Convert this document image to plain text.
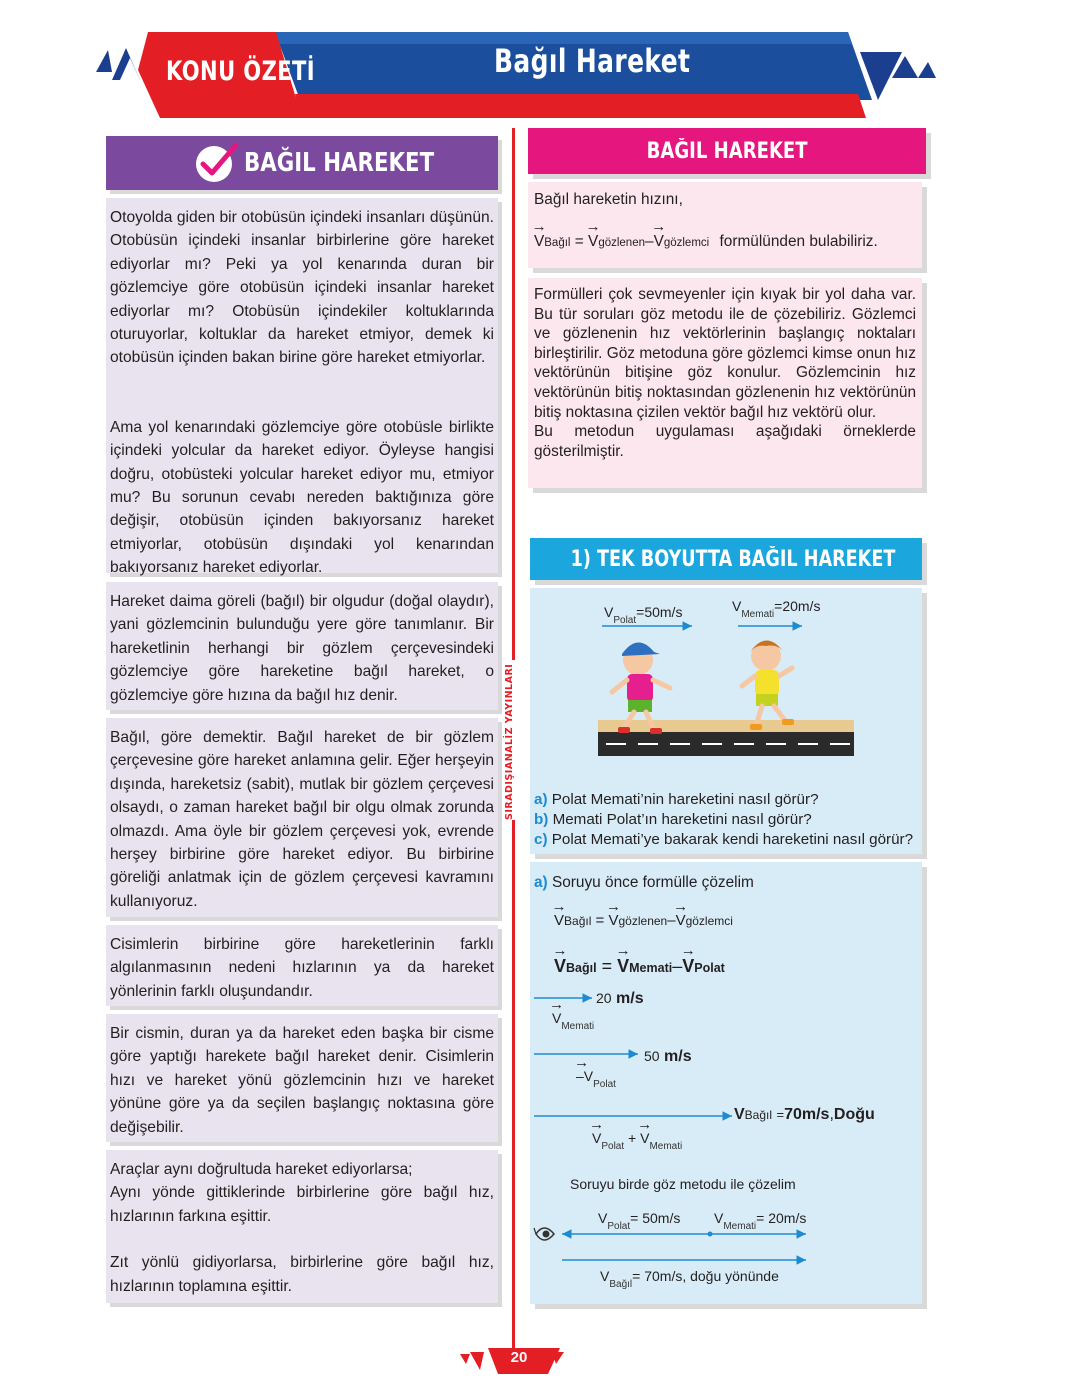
KONU ÖZETİ	Bağıl Hareket
BAĞIL HAREKET

Otoyolda giden bir otobüsün içindeki insanları düşünün. Otobüsün içindeki insanlar birbirlerine göre hareket ediyorlar mı? Peki ya yol kenarında duran bir gözlemciye göre otobüsün içindeki insanlar hareket ediyorlar mı? Otobüsün içindekiler koltuklarında oturuyorlar, koltuklar da hareket etmiyor, demek ki otobüsün içinden bakan birine göre hareket etmiyorlar.

Ama yol kenarındaki gözlemciye göre otobüsle birlikte içindeki yolcular da hareket ediyor. Öyleyse hangisi doğru, otobüsteki yolcular hareket ediyor mu, etmiyor mu? Bu sorunun cevabı nereden baktığınıza göre değişir, otobüsün içinden bakıyorsanız hareket etmiyorlar, otobüsün dışındaki yol kenarından bakıyorsanız hareket ediyorlar.

Hareket daima göreli (bağıl) bir olgudur (doğal olaydır), yani gözlemcinin bulunduğu yere göre tanımlanır. Bir hareketlinin herhangi bir gözlem çerçevesindeki gözlemciye göre hareketine bağıl hareket, o gözlemciye göre hızına da bağıl hız denir.

Bağıl, göre demektir. Bağıl hareket de bir gözlem çerçevesine göre hareket anlamına gelir. Eğer herşeyin dışında, hareketsiz (sabit), mutlak bir gözlem çerçevesi olsaydı, o zaman hareket bağıl bir olgu olmak zorunda olmazdı. Ama öyle bir gözlem çerçevesi yok, evrende herşey birbirine göre hareket ediyor. Bu birbirine göreliği anlatmak için de gözlem çerçevesi kavramını kullanıyoruz.

Cisimlerin birbirine göre hareketlerinin farklı algılanmasının nedeni hızlarının ya da hareket yönlerinin farklı oluşundandır.

Bir cismin, duran ya da hareket eden başka bir cisme göre yaptığı harekete bağıl hareket denir. Cisimlerin hızı ve hareket yönü gözlemcinin hızı ve hareket yönüne göre ya da seçilen başlangıç noktasına göre değişebilir.

Araçlar aynı doğrultuda hareket ediyorlarsa;

Aynı yönde gittiklerinde birbirlerine göre bağıl hız, hızlarının farkına eşittir.

Zıt yönlü gidiyorlarsa, birbirlerine göre bağıl hız, hızlarının toplamına eşittir.

SIRADIŞIANALİZ YAYINLARI
BAĞIL HAREKET
Bağıl hareketin hızını,
→ VBağıl = → Vgözlenen–→ Vgözlemci formülünden bulabiliriz.
Formülleri çok sevmeyenler için kıyak bir yol daha var. Bu tür soruları göz metodu ile de çözebiliriz. Gözlemci ve gözlenenin hız vektörlerinin başlangıç noktaları birleştirilir. Göz metoduna göre gözlemci kimse onun hız vektörünün bitişine göz konulur. Gözlemcinin hız vektörünün bitiş noktasından gözlenenin hız vektörünün bitiş noktasına çizilen vektör bağıl hız vektörü olur.
Bu metodun uygulaması aşağıdaki örneklerde gösterilmiştir.
1) TEK BOYUTTA BAĞIL HAREKET
$V_{Polat}=50m/s$	$V_{Memati}=20m/s$
a) Polat Memati’nin hareketini nasıl görür?
b) Memati Polat’ın hareketini nasıl görür?
c) Polat Memati’ye bakarak kendi hareketini nasıl görür?
a) Soruyu önce formülle çözelim
→ VBağıl = → Vgözlenen–→ Vgözlemci
→ VBağıl = → VMemati–→ VPolat
20 m/s
→ $V_{Memati}$
50 m/s
→ $-V_{Polat}$
VBağıl =70m/s,Doğu
→ $V_{Polat}$ + → $V_{Memati}$
Soruyu birde göz metodu ile çözelim
$V_{Polat}= 50m/s$ $V_{Memati}= 20m/s$
$V_{Bağıl}= 70m/s$, doğu yönünde
20
